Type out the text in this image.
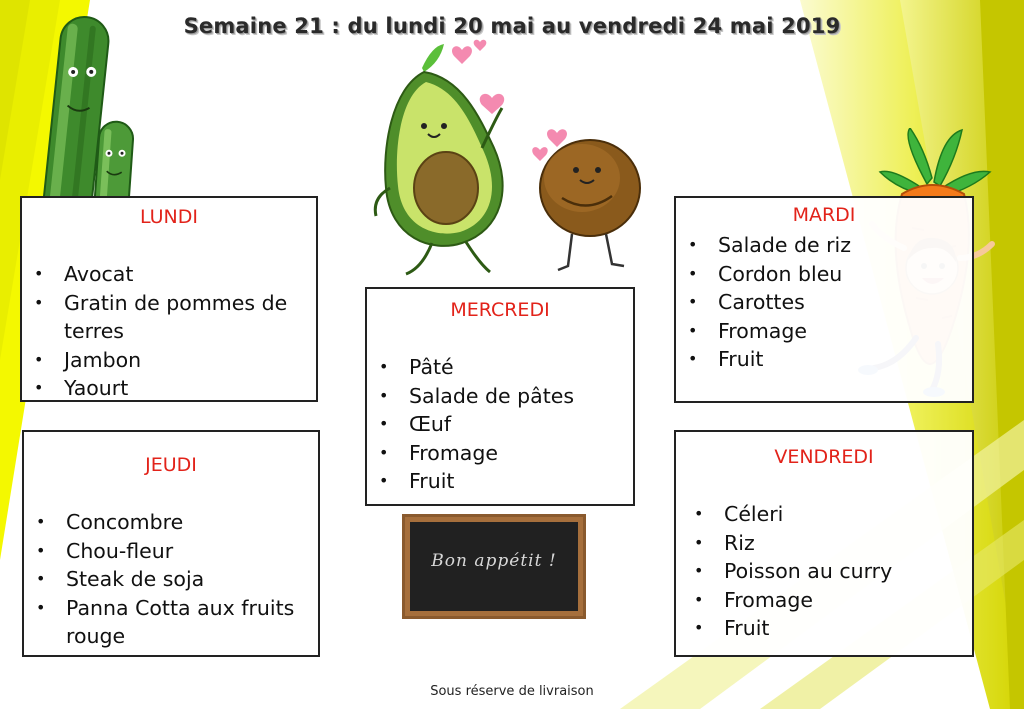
Semaine 21 : du lundi 20 mai au vendredi 24 mai 2019
LUNDI
• Avocat
• Gratin de pommes de terres
• Jambon
• Yaourt
JEUDI
• Concombre
• Chou-fleur
• Steak de soja
• Panna Cotta aux fruits rouge
MERCREDI
• Pâté
• Salade de pâtes
• Œuf
• Fromage
• Fruit
MARDI
• Salade de riz
• Cordon bleu
• Carottes
• Fromage
• Fruit
VENDREDI
• Céleri
• Riz
• Poisson au curry
• Fromage
• Fruit
Bon appétit !
Sous réserve de livraison
